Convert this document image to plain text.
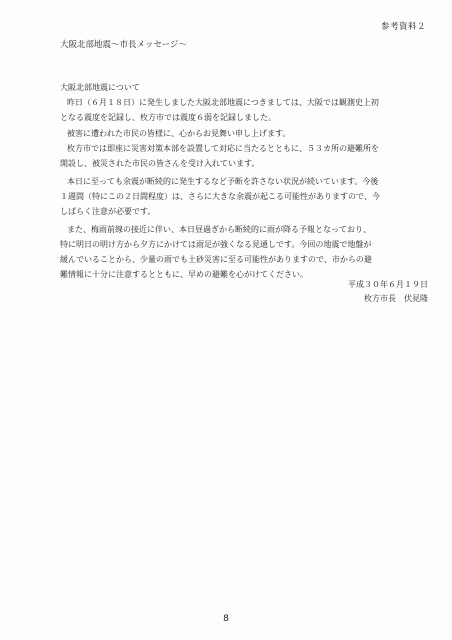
参考資料２
大阪北部地震～市長メッセージ～
大阪北部地震について
昨日（６月１８日）に発生しました大阪北部地震につきましては、大阪では観測史上初
となる震度を記録し、枚方市では震度６弱を記録しました。
被害に遭われた市民の皆様に、心からお見舞い申し上げます。
枚方市では即座に災害対策本部を設置して対応に当たるとともに、５３カ所の避難所を
開設し、被災された市民の皆さんを受け入れています。
本日に至っても余震が断続的に発生するなど予断を許さない状況が続いています。今後
１週間（特にこの２日間程度）は、さらに大きな余震が起こる可能性がありますので、今
しばらく注意が必要です。
また、梅雨前線の接近に伴い、本日昼過ぎから断続的に雨が降る予報となっており、
特に明日の明け方から夕方にかけては雨足が強くなる見通しです。今回の地震で地盤が
緩んでいることから、少量の雨でも土砂災害に至る可能性がありますので、市からの避
難情報に十分に注意するとともに、早めの避難を心がけてください。
平成３０年６月１９日
枚方市長　伏見隆
8
